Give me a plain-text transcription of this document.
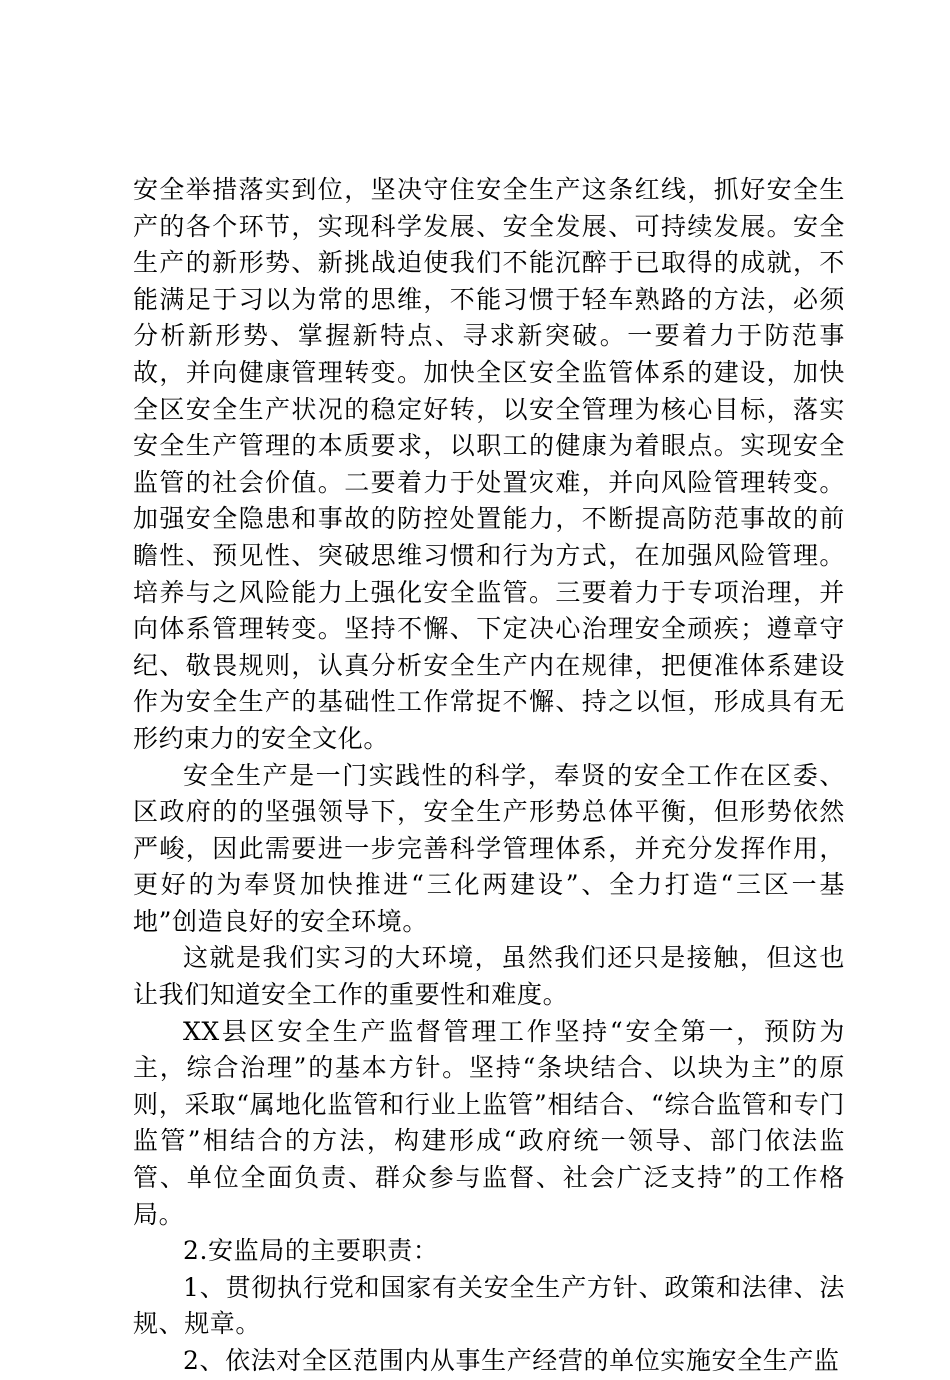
安全举措落实到位，坚决守住安全生产这条红线，抓好安全生产的各个环节，实现科学发展、安全发展、可持续发展。安全生产的新形势、新挑战迫使我们不能沉醉于已取得的成就，不能满足于习以为常的思维，不能习惯于轻车熟路的方法，必须分析新形势、掌握新特点、寻求新突破。一要着力于防范事故，并向健康管理转变。加快全区安全监管体系的建设，加快全区安全生产状况的稳定好转，以安全管理为核心目标，落实安全生产管理的本质要求，以职工的健康为着眼点。实现安全监管的社会价值。二要着力于处置灾难，并向风险管理转变。加强安全隐患和事故的防控处置能力，不断提高防范事故的前瞻性、预见性、突破思维习惯和行为方式，在加强风险管理。培养与之风险能力上强化安全监管。三要着力于专项治理，并向体系管理转变。坚持不懈、下定决心治理安全顽疾；遵章守纪、敬畏规则，认真分析安全生产内在规律，把便准体系建设作为安全生产的基础性工作常捉不懈、持之以恒，形成具有无形约束力的安全文化。

安全生产是一门实践性的科学，奉贤的安全工作在区委、区政府的的坚强领导下，安全生产形势总体平衡，但形势依然严峻，因此需要进一步完善科学管理体系，并充分发挥作用，更好的为奉贤加快推进“三化两建设”、全力打造“三区一基地”创造良好的安全环境。

这就是我们实习的大环境，虽然我们还只是接触，但这也让我们知道安全工作的重要性和难度。

XX县区安全生产监督管理工作坚持“安全第一，预防为主，综合治理”的基本方针。坚持“条块结合、以块为主”的原则，采取“属地化监管和行业上监管”相结合、“综合监管和专门监管”相结合的方法，构建形成“政府统一领导、部门依法监管、单位全面负责、群众参与监督、社会广泛支持”的工作格局。

2.安监局的主要职责：

1、贯彻执行党和国家有关安全生产方针、政策和法律、法规、规章。

2、依法对全区范围内从事生产经营的单位实施安全生产监
